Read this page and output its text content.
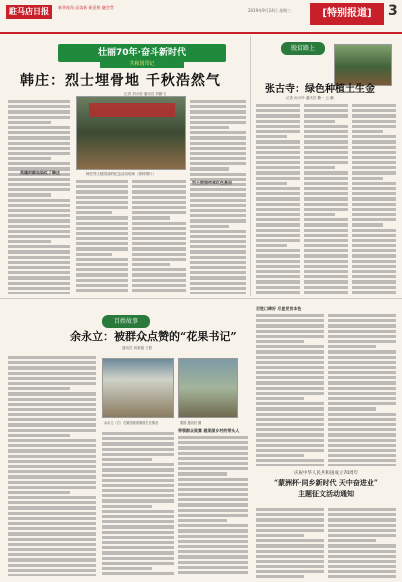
駐马店日报	新华视角 品读新 新意相 融会贯
2019年9月24日 星期三	[特别报道]	3
壮丽70年·奋斗新时代
共和国印记
韩庄：烈士埋骨地 千秋浩然气
记者 刘小欣 通讯员 刘鹏飞
英雄的鲜血染红了韩庄	韩庄烈士陵园前的纪念活动现场（资料图片）
脱贫路上
张古寺：绿色种植土生金
记者 孙小玲 通讯员 魏一 云 鹏
百姓故事
余永立：被群众点赞的“花果书记”
通讯员 何新磊 王阳
余永立（右）在果园查看果树生长情况	果园 通讯员 摄
带领群众致富 做美丽乡村的带头人
百姓口碑好 尽显党员本色
庆祝中华人民共和国成立70周年
“蒙洲杯·同乡新时代 天中奋进业”
主题征文活动通知
